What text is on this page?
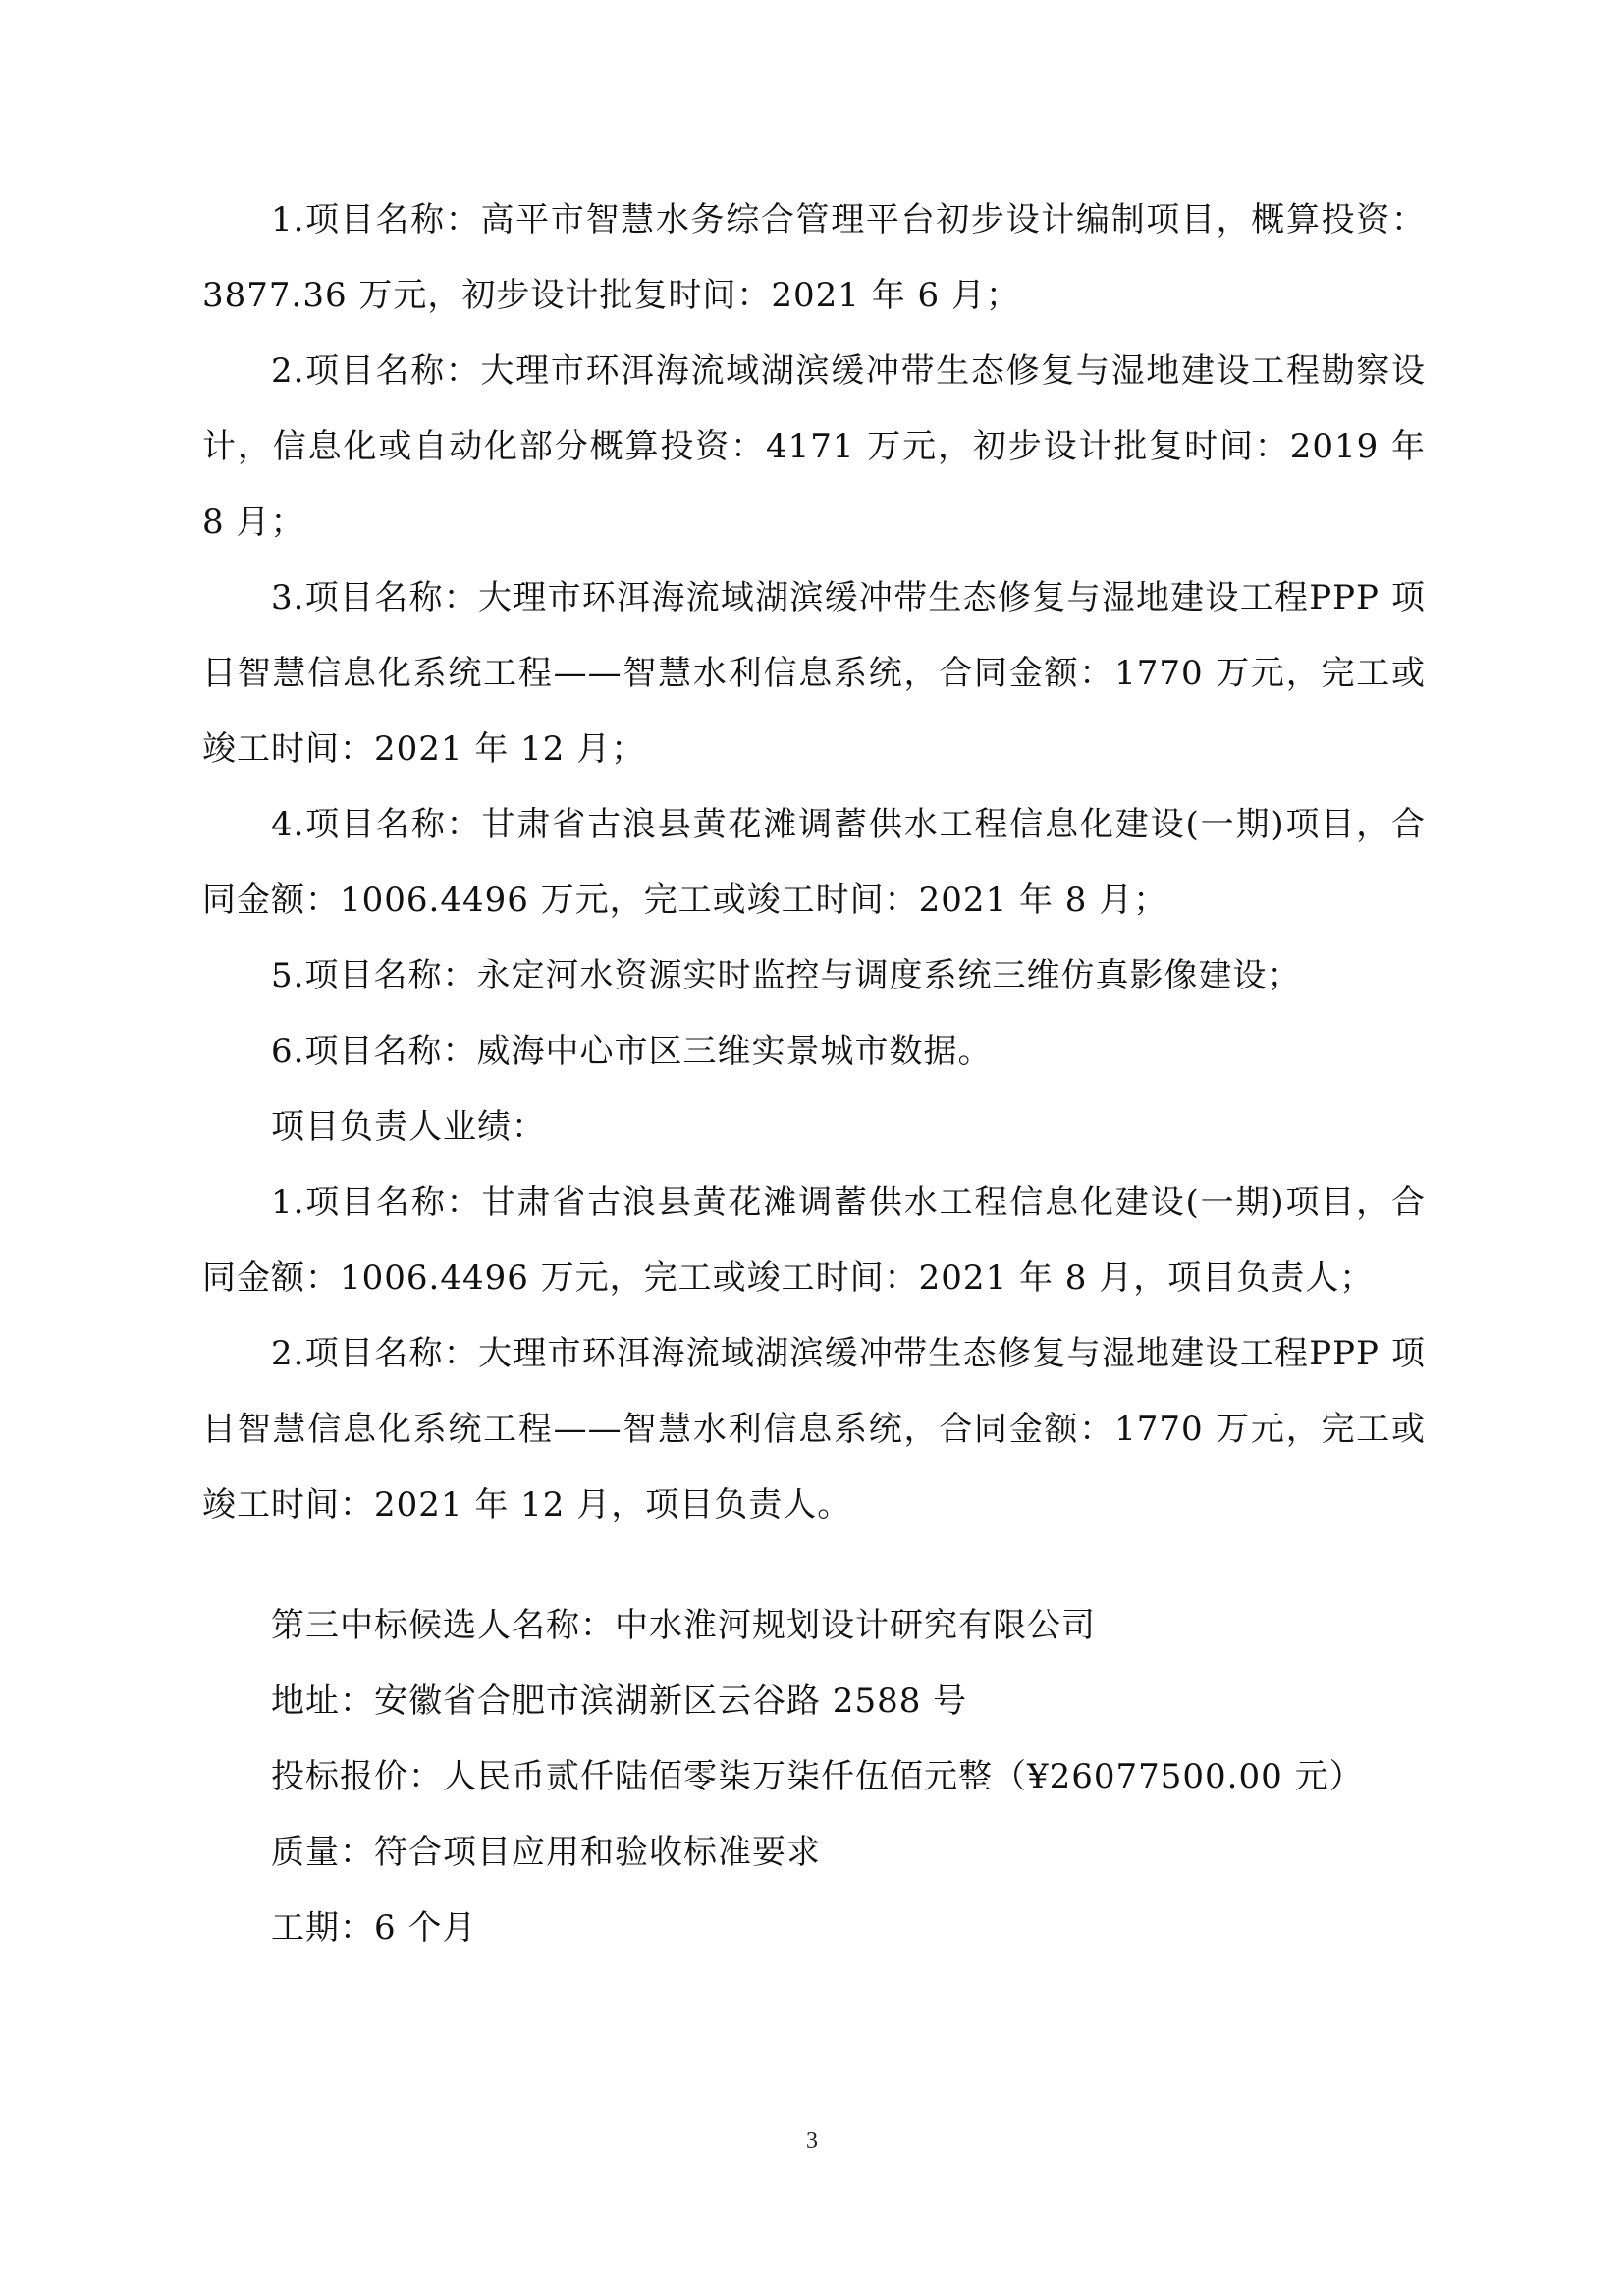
1.项目名称：高平市智慧水务综合管理平台初步设计编制项目，概算投资：3877.36 万元，初步设计批复时间：2021 年 6 月；

2.项目名称：大理市环洱海流域湖滨缓冲带生态修复与湿地建设工程勘察设计，信息化或自动化部分概算投资：4171 万元，初步设计批复时间：2019 年 8 月；

3.项目名称：大理市环洱海流域湖滨缓冲带生态修复与湿地建设工程PPP 项目智慧信息化系统工程——智慧水利信息系统，合同金额：1770 万元，完工或竣工时间：2021 年 12 月；

4.项目名称：甘肃省古浪县黄花滩调蓄供水工程信息化建设(一期)项目，合同金额：1006.4496 万元，完工或竣工时间：2021 年 8 月；

5.项目名称：永定河水资源实时监控与调度系统三维仿真影像建设；

6.项目名称：威海中心市区三维实景城市数据。

项目负责人业绩：

1.项目名称：甘肃省古浪县黄花滩调蓄供水工程信息化建设(一期)项目，合同金额：1006.4496 万元，完工或竣工时间：2021 年 8 月，项目负责人；

2.项目名称：大理市环洱海流域湖滨缓冲带生态修复与湿地建设工程PPP 项目智慧信息化系统工程——智慧水利信息系统，合同金额：1770 万元，完工或竣工时间：2021 年 12 月，项目负责人。

第三中标候选人名称：中水淮河规划设计研究有限公司

地址：安徽省合肥市滨湖新区云谷路 2588 号

投标报价：人民币贰仟陆佰零柒万柒仟伍佰元整（¥26077500.00 元）

质量：符合项目应用和验收标准要求

工期：6 个月

3
